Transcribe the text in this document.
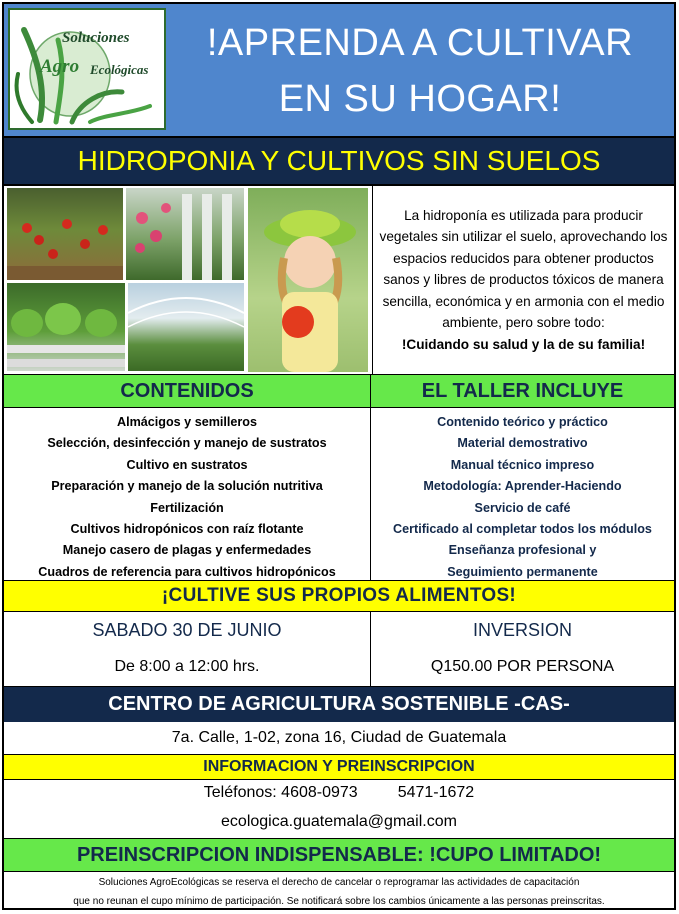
Soluciones
Agro Ecológicas
!APRENDA A CULTIVAR
EN SU HOGAR!
HIDROPONIA Y CULTIVOS SIN SUELOS
La hidroponía es utilizada para producir vegetales sin utilizar el suelo, aprovechando los espacios reducidos para obtener productos sanos y libres de productos tóxicos de manera sencilla, económica y en armonia con el medio ambiente, pero sobre todo:
!Cuidando su salud y la de su familia!
CONTENIDOS	EL TALLER INCLUYE
Almácigos y semilleros
Selección, desinfección y manejo de sustratos
Cultivo en sustratos
Preparación y manejo de la solución nutritiva
Fertilización
Cultivos hidropónicos con raíz flotante
Manejo casero de plagas y enfermedades
Cuadros de referencia para cultivos hidropónicos
Contenido teórico y práctico
Material demostrativo
Manual técnico impreso
Metodología: Aprender-Haciendo
Servicio de café
Certificado al completar todos los módulos
Enseñanza profesional y
Seguimiento permanente
¡CULTIVE SUS PROPIOS ALIMENTOS!
SABADO 30 DE JUNIO
De 8:00 a 12:00 hrs.
INVERSION
Q150.00 POR PERSONA
CENTRO DE AGRICULTURA SOSTENIBLE -CAS-
7a. Calle, 1-02, zona 16, Ciudad de Guatemala
INFORMACION Y PREINSCRIPCION
Teléfonos: 4608-0973	5471-1672
ecologica.guatemala@gmail.com
PREINSCRIPCION INDISPENSABLE: !CUPO LIMITADO!
Soluciones AgroEcológicas se reserva el derecho de cancelar o reprogramar las actividades de capacitación
que no reunan el cupo mínimo de participación. Se notificará sobre los cambios únicamente a las personas preinscritas.
